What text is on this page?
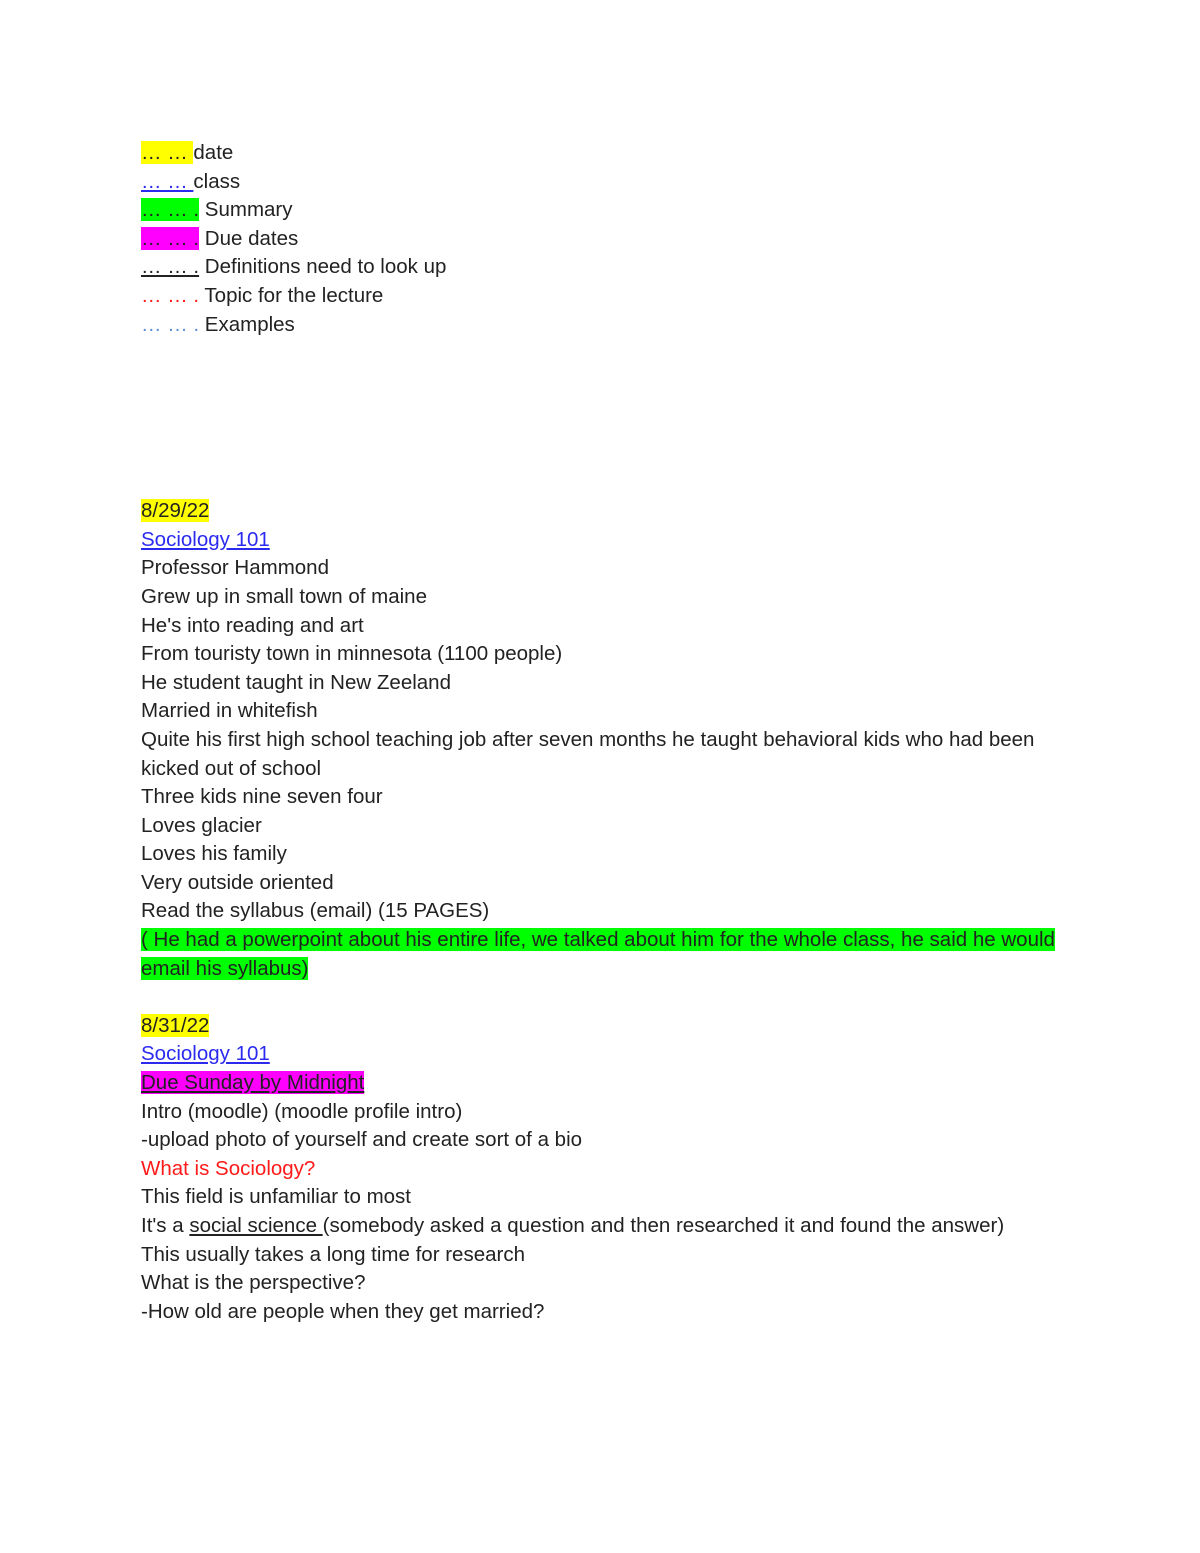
… … date
… … class
… … . Summary
… … . Due dates
… … . Definitions need to look up
… … . Topic for the lecture
… … . Examples
8/29/22
Sociology 101
Professor Hammond
Grew up in small town of maine
He's into reading and art
From touristy town in minnesota (1100 people)
He student taught in New Zeeland
Married in whitefish
Quite his first high school teaching job after seven months he taught behavioral kids who had been kicked out of school
Three kids nine seven four
Loves glacier
Loves his family
Very outside oriented
Read the syllabus (email) (15 PAGES)
( He had a powerpoint about his entire life, we talked about him for the whole class, he said he would email his syllabus)
8/31/22
Sociology 101
Due Sunday by Midnight
Intro (moodle) (moodle profile intro)
-upload photo of yourself and create sort of a bio
What is Sociology?
This field is unfamiliar to most
It's a social science (somebody asked a question and then researched it and found the answer)
This usually takes a long time for research
What is the perspective?
-How old are people when they get married?
